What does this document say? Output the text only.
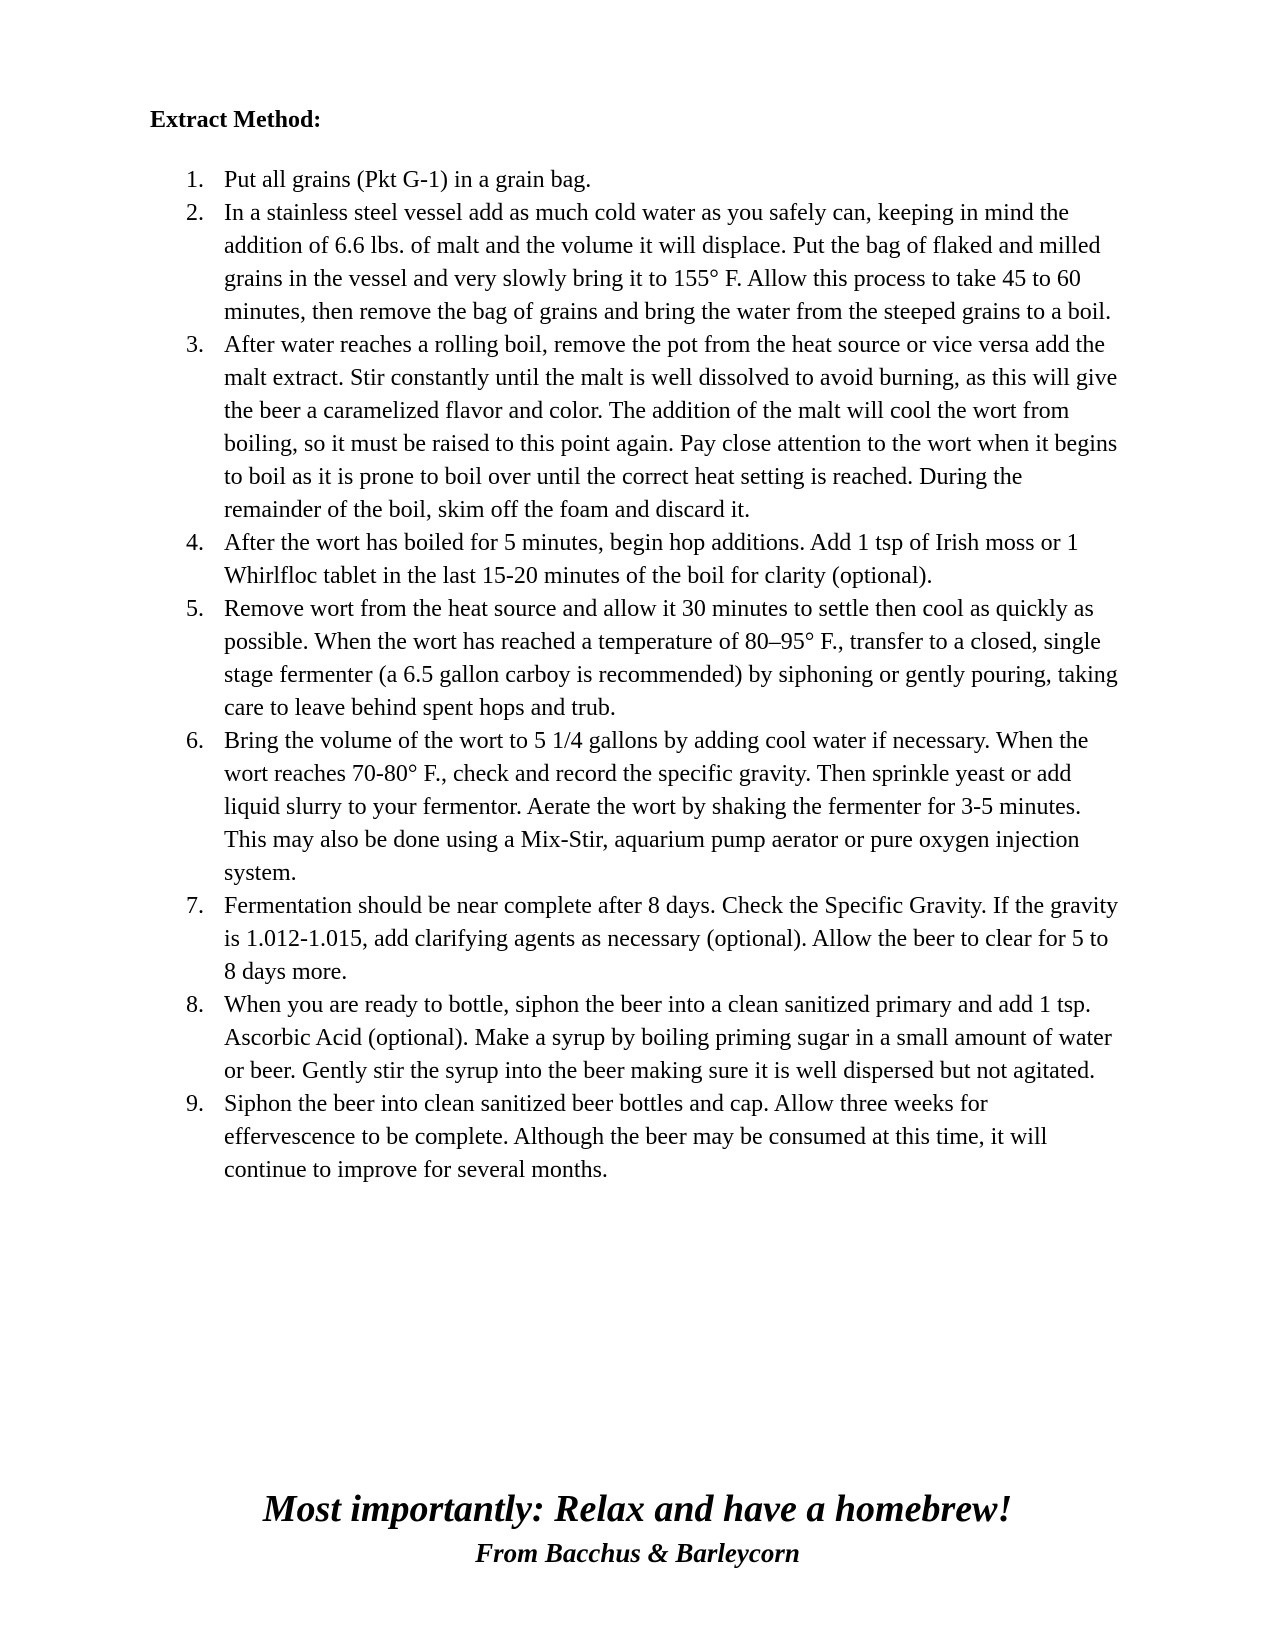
Extract Method:
1. Put all grains (Pkt G-1) in a grain bag.
2. In a stainless steel vessel add as much cold water as you safely can, keeping in mind the addition of 6.6 lbs. of malt and the volume it will displace. Put the bag of flaked and milled grains in the vessel and very slowly bring it to 155° F. Allow this process to take 45 to 60 minutes, then remove the bag of grains and bring the water from the steeped grains to a boil.
3. After water reaches a rolling boil, remove the pot from the heat source or vice versa add the malt extract. Stir constantly until the malt is well dissolved to avoid burning, as this will give the beer a caramelized flavor and color. The addition of the malt will cool the wort from boiling, so it must be raised to this point again. Pay close attention to the wort when it begins to boil as it is prone to boil over until the correct heat setting is reached. During the remainder of the boil, skim off the foam and discard it.
4. After the wort has boiled for 5 minutes, begin hop additions. Add 1 tsp of Irish moss or 1 Whirlfloc tablet in the last 15-20 minutes of the boil for clarity (optional).
5. Remove wort from the heat source and allow it 30 minutes to settle then cool as quickly as possible. When the wort has reached a temperature of 80–95° F., transfer to a closed, single stage fermenter (a 6.5 gallon carboy is recommended) by siphoning or gently pouring, taking care to leave behind spent hops and trub.
6. Bring the volume of the wort to 5 1/4 gallons by adding cool water if necessary. When the wort reaches 70-80° F., check and record the specific gravity. Then sprinkle yeast or add liquid slurry to your fermentor. Aerate the wort by shaking the fermenter for 3-5 minutes. This may also be done using a Mix-Stir, aquarium pump aerator or pure oxygen injection system.
7. Fermentation should be near complete after 8 days. Check the Specific Gravity. If the gravity is 1.012-1.015, add clarifying agents as necessary (optional). Allow the beer to clear for 5 to 8 days more.
8. When you are ready to bottle, siphon the beer into a clean sanitized primary and add 1 tsp. Ascorbic Acid (optional). Make a syrup by boiling priming sugar in a small amount of water or beer. Gently stir the syrup into the beer making sure it is well dispersed but not agitated.
9. Siphon the beer into clean sanitized beer bottles and cap. Allow three weeks for effervescence to be complete. Although the beer may be consumed at this time, it will continue to improve for several months.
Most importantly: Relax and have a homebrew!
From Bacchus & Barleycorn
